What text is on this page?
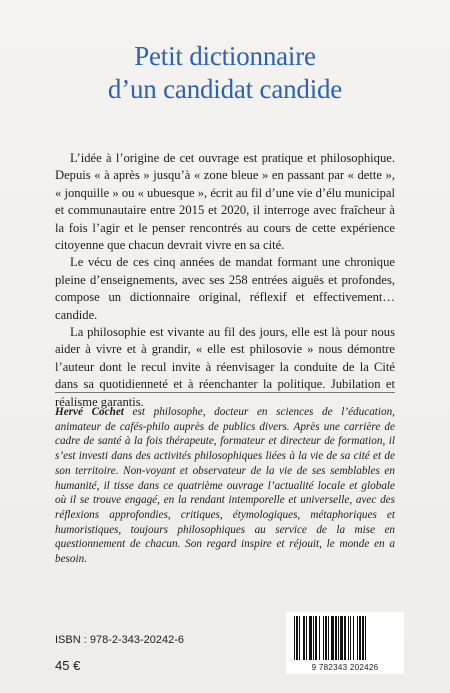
Petit dictionnaire
d’un candidat candide

L’idée à l’origine de cet ouvrage est pratique et philosophique. Depuis « à après » jusqu’à « zone bleue » en passant par « dette », « jonquille » ou « ubuesque », écrit au fil d’une vie d’élu municipal et communautaire entre 2015 et 2020, il interroge avec fraîcheur à la fois l’agir et le penser rencontrés au cours de cette expérience citoyenne que chacun devrait vivre en sa cité.

Le vécu de ces cinq années de mandat formant une chronique pleine d’enseignements, avec ses 258 entrées aiguës et profondes, compose un dictionnaire original, réflexif et effectivement… candide.

La philosophie est vivante au fil des jours, elle est là pour nous aider à vivre et à grandir, « elle est philosovie » nous démontre l’auteur dont le recul invite à réenvisager la conduite de la Cité dans sa quotidienneté et à réenchanter la politique. Jubilation et réalisme garantis.

Hervé Cochet est philosophe, docteur en sciences de l’éducation, animateur de cafés-philo auprès de publics divers. Après une carrière de cadre de santé à la fois thérapeute, formateur et directeur de formation, il s’est investi dans des activités philosophiques liées à la vie de sa cité et de son territoire. Non-voyant et observateur de la vie de ses semblables en humanité, il tisse dans ce quatrième ouvrage l’actualité locale et globale où il se trouve engagé, en la rendant intemporelle et universelle, avec des réflexions approfondies, critiques, étymologiques, métaphoriques et humoristiques, toujours philosophiques au service de la mise en questionnement de chacun. Son regard inspire et réjouit, le monde en a besoin.
ISBN : 978-2-343-20242-6
45 €	9 782343 202426
